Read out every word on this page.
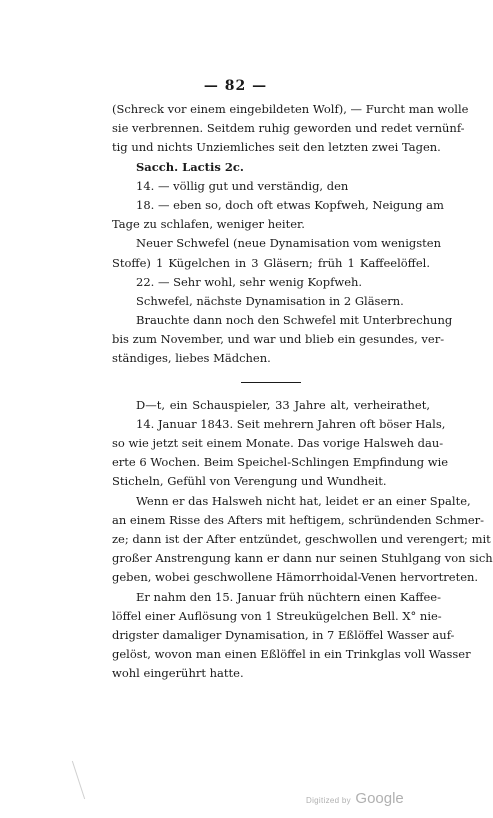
— 82 —
(Schreck vor einem eingebildeten Wolf), — Furcht man wolle
sie verbrennen. Seitdem ruhig geworden und redet vernünf-
tig und nichts Unziemliches seit den letzten zwei Tagen.
Sacch. Lactis 2c.
14. — völlig gut und verständig, den
18. — eben so, doch oft etwas Kopfweh, Neigung am
Tage zu schlafen, weniger heiter.
Neuer Schwefel (neue Dynamisation vom wenigsten
Stoffe) 1 Kügelchen in 3 Gläsern; früh 1 Kaffeelöffel.
22. — Sehr wohl, sehr wenig Kopfweh.
Schwefel, nächste Dynamisation in 2 Gläsern.
Brauchte dann noch den Schwefel mit Unterbrechung
bis zum November, und war und blieb ein gesundes, ver-
ständiges, liebes Mädchen.
D—t, ein Schauspieler, 33 Jahre alt, verheirathet,
14. Januar 1843. Seit mehrern Jahren oft böser Hals,
so wie jetzt seit einem Monate. Das vorige Halsweh dau-
erte 6 Wochen. Beim Speichel-Schlingen Empfindung wie
Sticheln, Gefühl von Verengung und Wundheit.
Wenn er das Halsweh nicht hat, leidet er an einer Spalte,
an einem Risse des Afters mit heftigem, schründenden Schmer-
ze; dann ist der After entzündet, geschwollen und verengert; mit
großer Anstrengung kann er dann nur seinen Stuhlgang von sich
geben, wobei geschwollene Hämorrhoidal-Venen hervortreten.
Er nahm den 15. Januar früh nüchtern einen Kaffee-
löffel einer Auflösung von 1 Streukügelchen Bell. X° nie-
drigster damaliger Dynamisation, in 7 Eßlöffel Wasser auf-
gelöst, wovon man einen Eßlöffel in ein Trinkglas voll Wasser
wohl eingerührt hatte.
Digitized by Google
